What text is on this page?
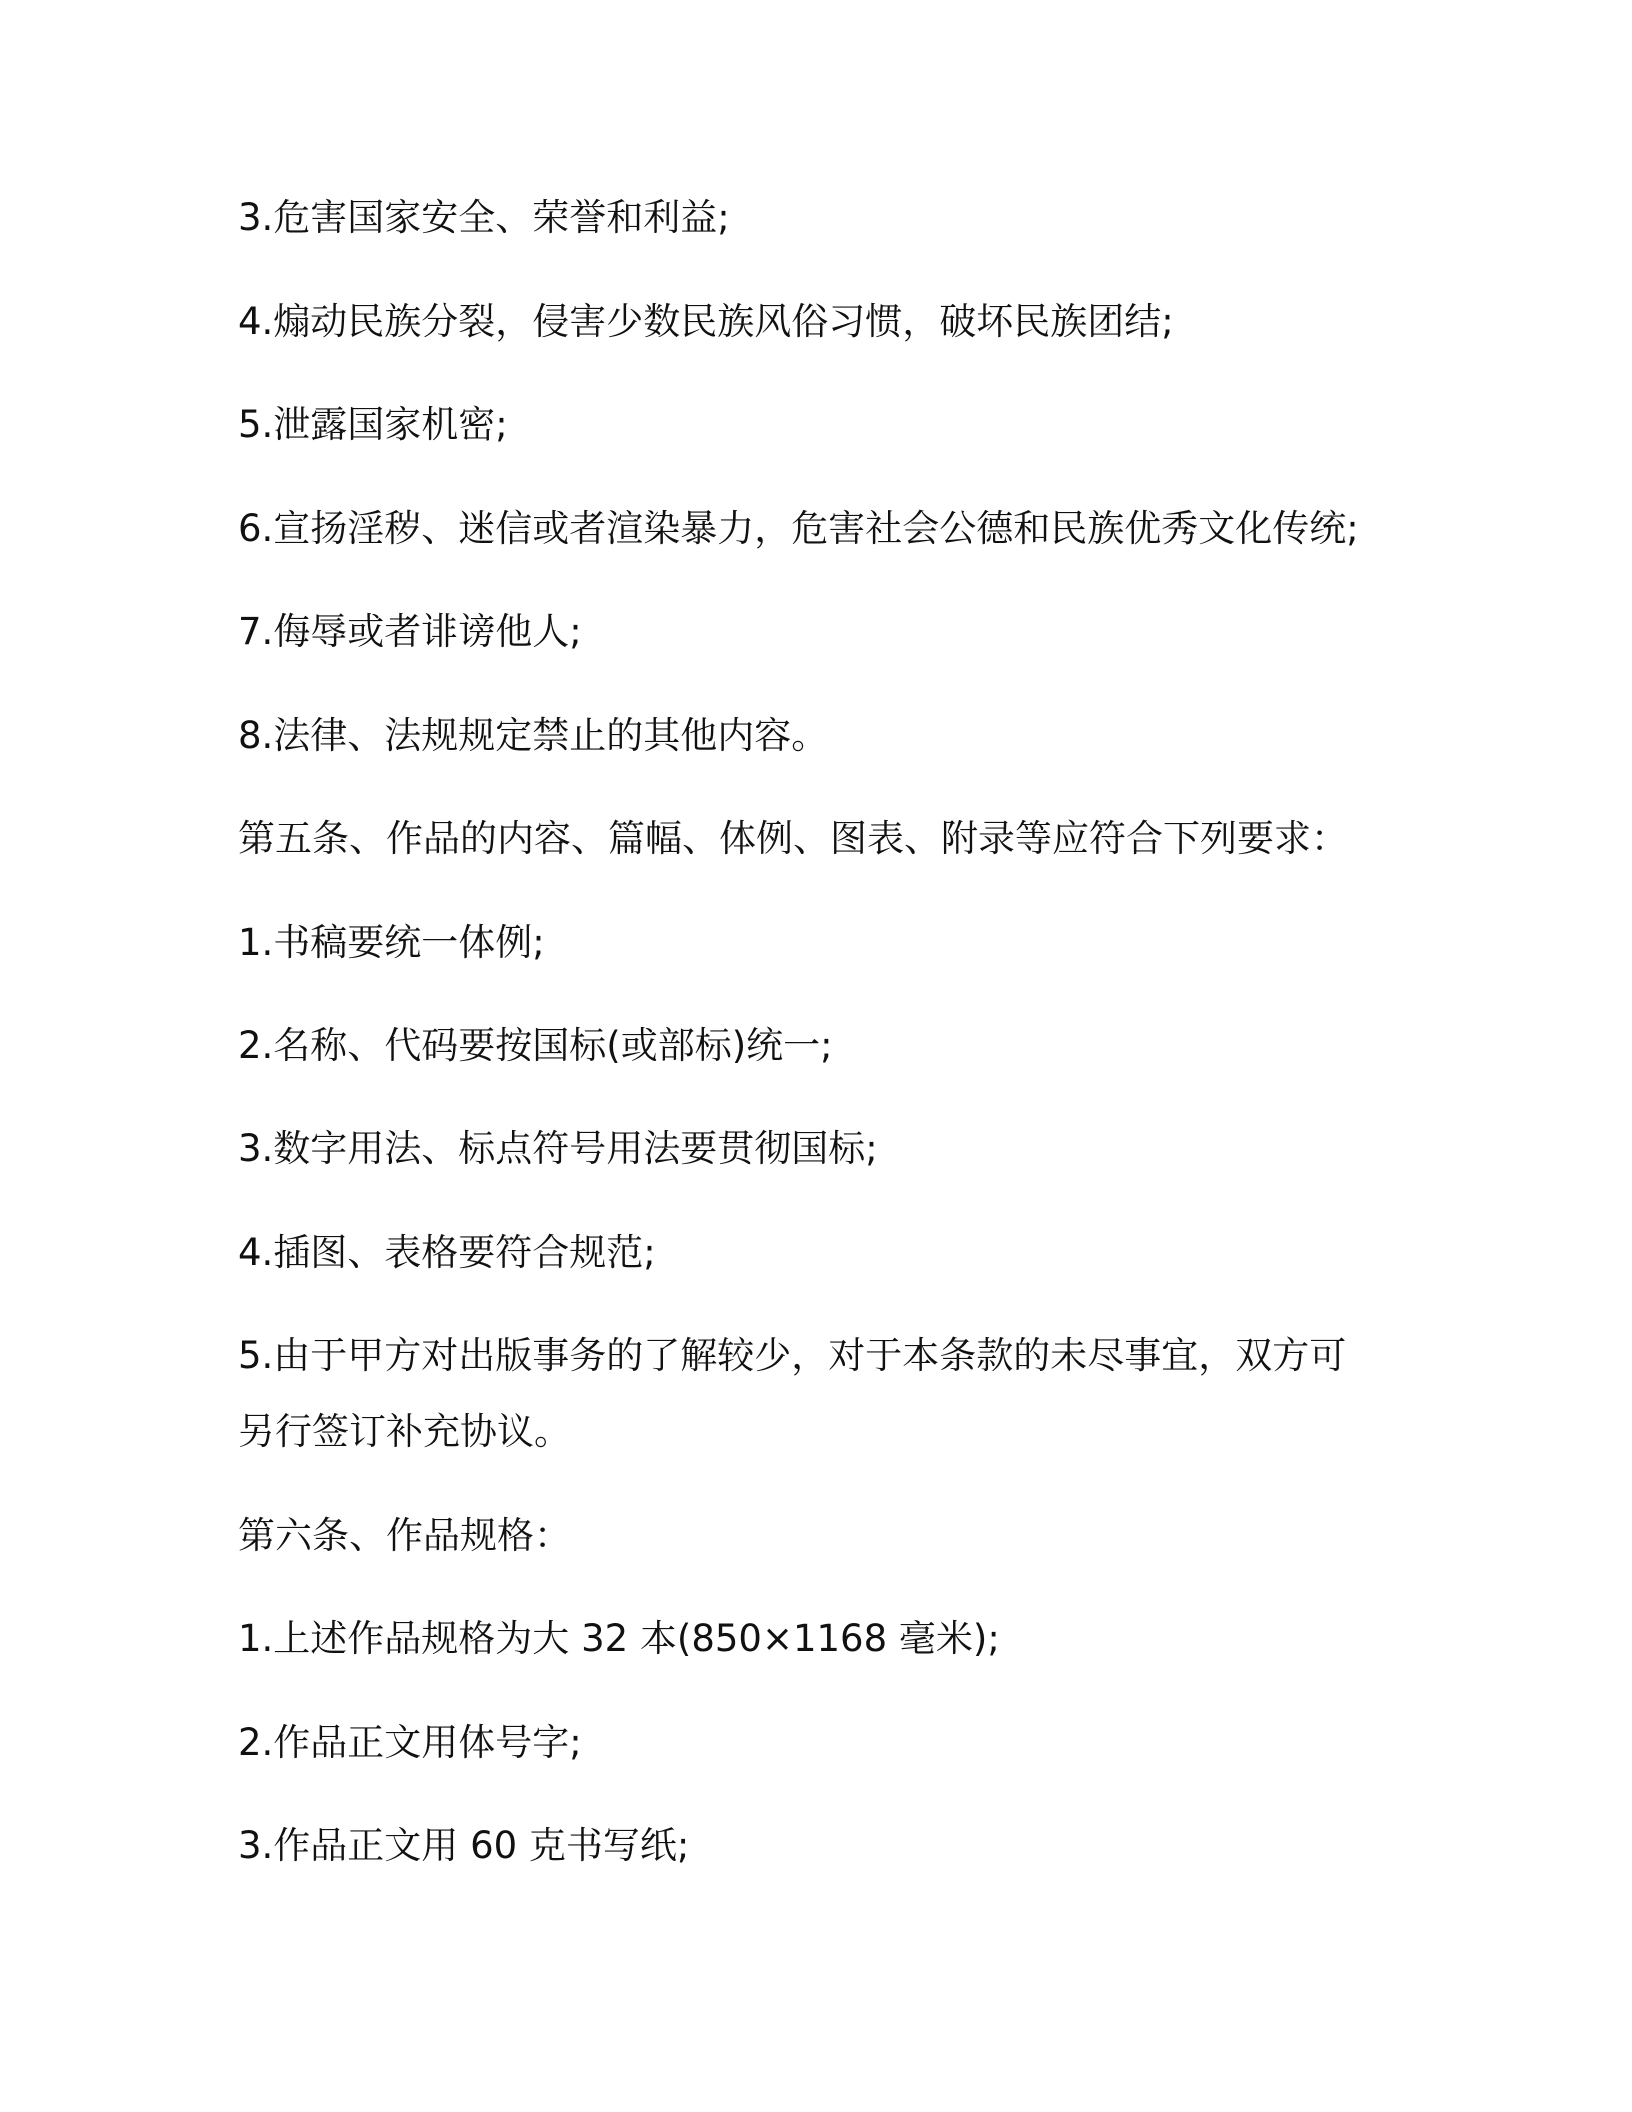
3.危害国家安全、荣誉和利益;

4.煽动民族分裂，侵害少数民族风俗习惯，破坏民族团结;

5.泄露国家机密;

6.宣扬淫秽、迷信或者渲染暴力，危害社会公德和民族优秀文化传统;

7.侮辱或者诽谤他人;

8.法律、法规规定禁止的其他内容。

第五条、作品的内容、篇幅、体例、图表、附录等应符合下列要求：

1.书稿要统一体例;

2.名称、代码要按国标(或部标)统一;

3.数字用法、标点符号用法要贯彻国标;

4.插图、表格要符合规范;

5.由于甲方对出版事务的了解较少，对于本条款的未尽事宜，双方可

另行签订补充协议。

第六条、作品规格：

1.上述作品规格为大 32 本(850×1168 毫米);

2.作品正文用体号字;

3.作品正文用 60 克书写纸;
